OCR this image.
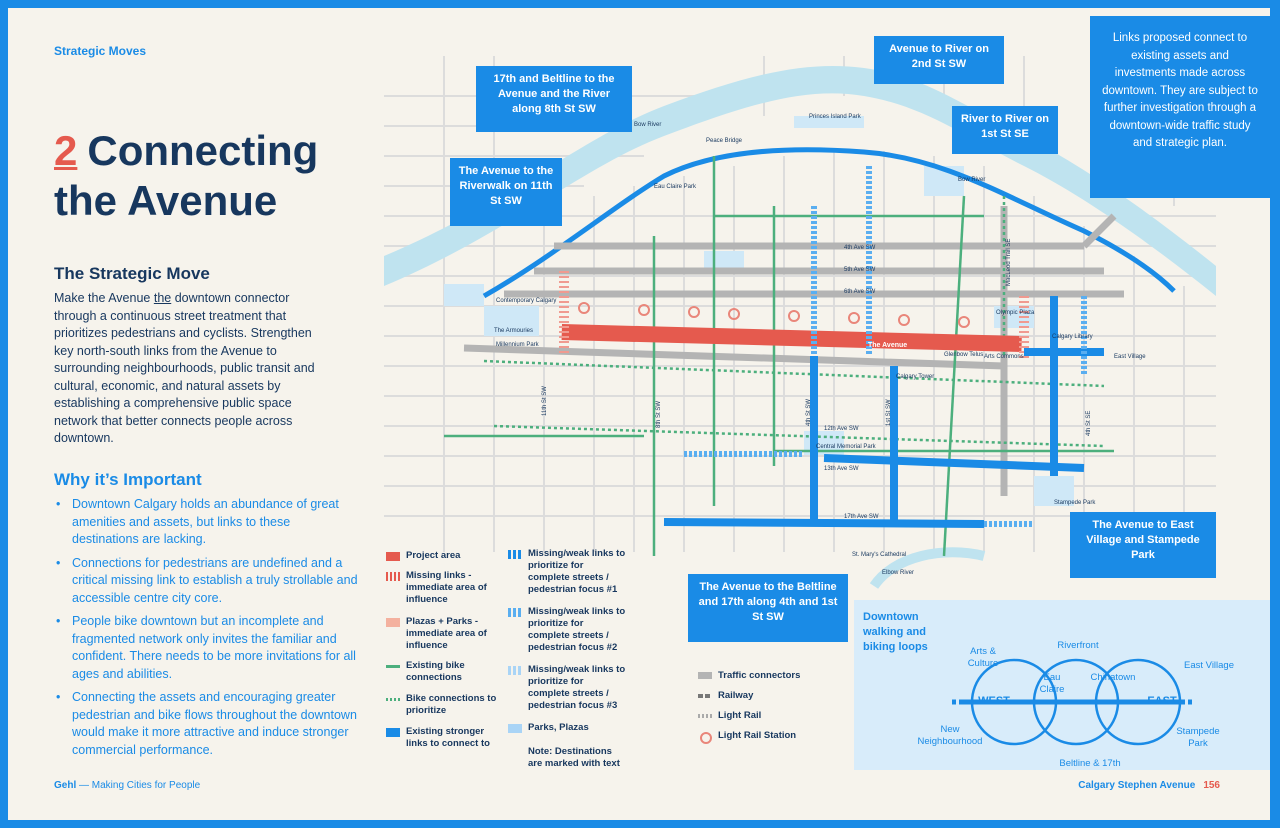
Strategic Moves
2 Connecting the Avenue
The Strategic Move
Make the Avenue the downtown connector through a continuous street treatment that prioritizes pedestrians and cyclists. Strengthen key north-south links from the Avenue to surrounding neighbourhoods, public transit and cultural, economic, and natural assets by establishing a comprehensive public space network that better connects people across downtown.
Why it’s Important
• Downtown Calgary holds an abundance of great amenities and assets, but links to these destinations are lacking.
• Connections for pedestrians are undefined and a critical missing link to establish a truly strollable and accessible centre city core.
• People bike downtown but an incomplete and fragmented network only invites the familiar and confident. There needs to be more invitations for all ages and abilities.
• Connecting the assets and encouraging greater pedestrian and bike flows throughout the downtown would make it more attractive and induce stronger commercial performance.
Gehl — Making Cities for People	Calgary Stephen Avenue 156
Bow River
Bow River
Princes Island Park
Eau Claire Park
Peace Bridge
The Avenue
Glenbow Telus Arts Commons
Calgary Tower
Olympic Plaza
Calgary Library
East Village
Central Memorial Park
Stampede Park
St. Mary's Cathedral
Contemporary Calgary
Millennium Park
The Armouries
4th Ave SW
5th Ave SW
6th Ave SW
12th Ave SW
13th Ave SW
17th Ave SW
11th St SW	8th St SW	4th St SW	1st St SW	4th St SE
MacLeod Trail SE
Elbow River
17th and Beltline to the Avenue and the River along 8th St SW
Avenue to River on 2nd St SW
River to River on 1st St SE
The Avenue to the Riverwalk on 11th St SW
The Avenue to East Village and Stampede Park
The Avenue to the Beltline and 17th along 4th and 1st St SW
Links proposed connect to existing assets and investments made across downtown. They are subject to further investigation through a downtown-wide traffic study and strategic plan.
Project area
Missing links - immediate area of influence
Plazas + Parks - immediate area of influence
Existing bike connections
Bike connections to prioritize
Existing stronger links to connect to
Missing/weak links to prioritize for complete streets / pedestrian focus #1
Missing/weak links to prioritize for complete streets / pedestrian focus #2
Missing/weak links to prioritize for complete streets / pedestrian focus #3
Parks, Plazas
Note: Destinations are marked with text
Traffic connectors
Railway
Light Rail
Light Rail Station
Downtown walking and biking loops	Arts & Culture
Riverfront
East Village
Eau Claire
Chinatown
WEST	EAST
New Neighbourhood
Stampede Park
Beltline & 17th
